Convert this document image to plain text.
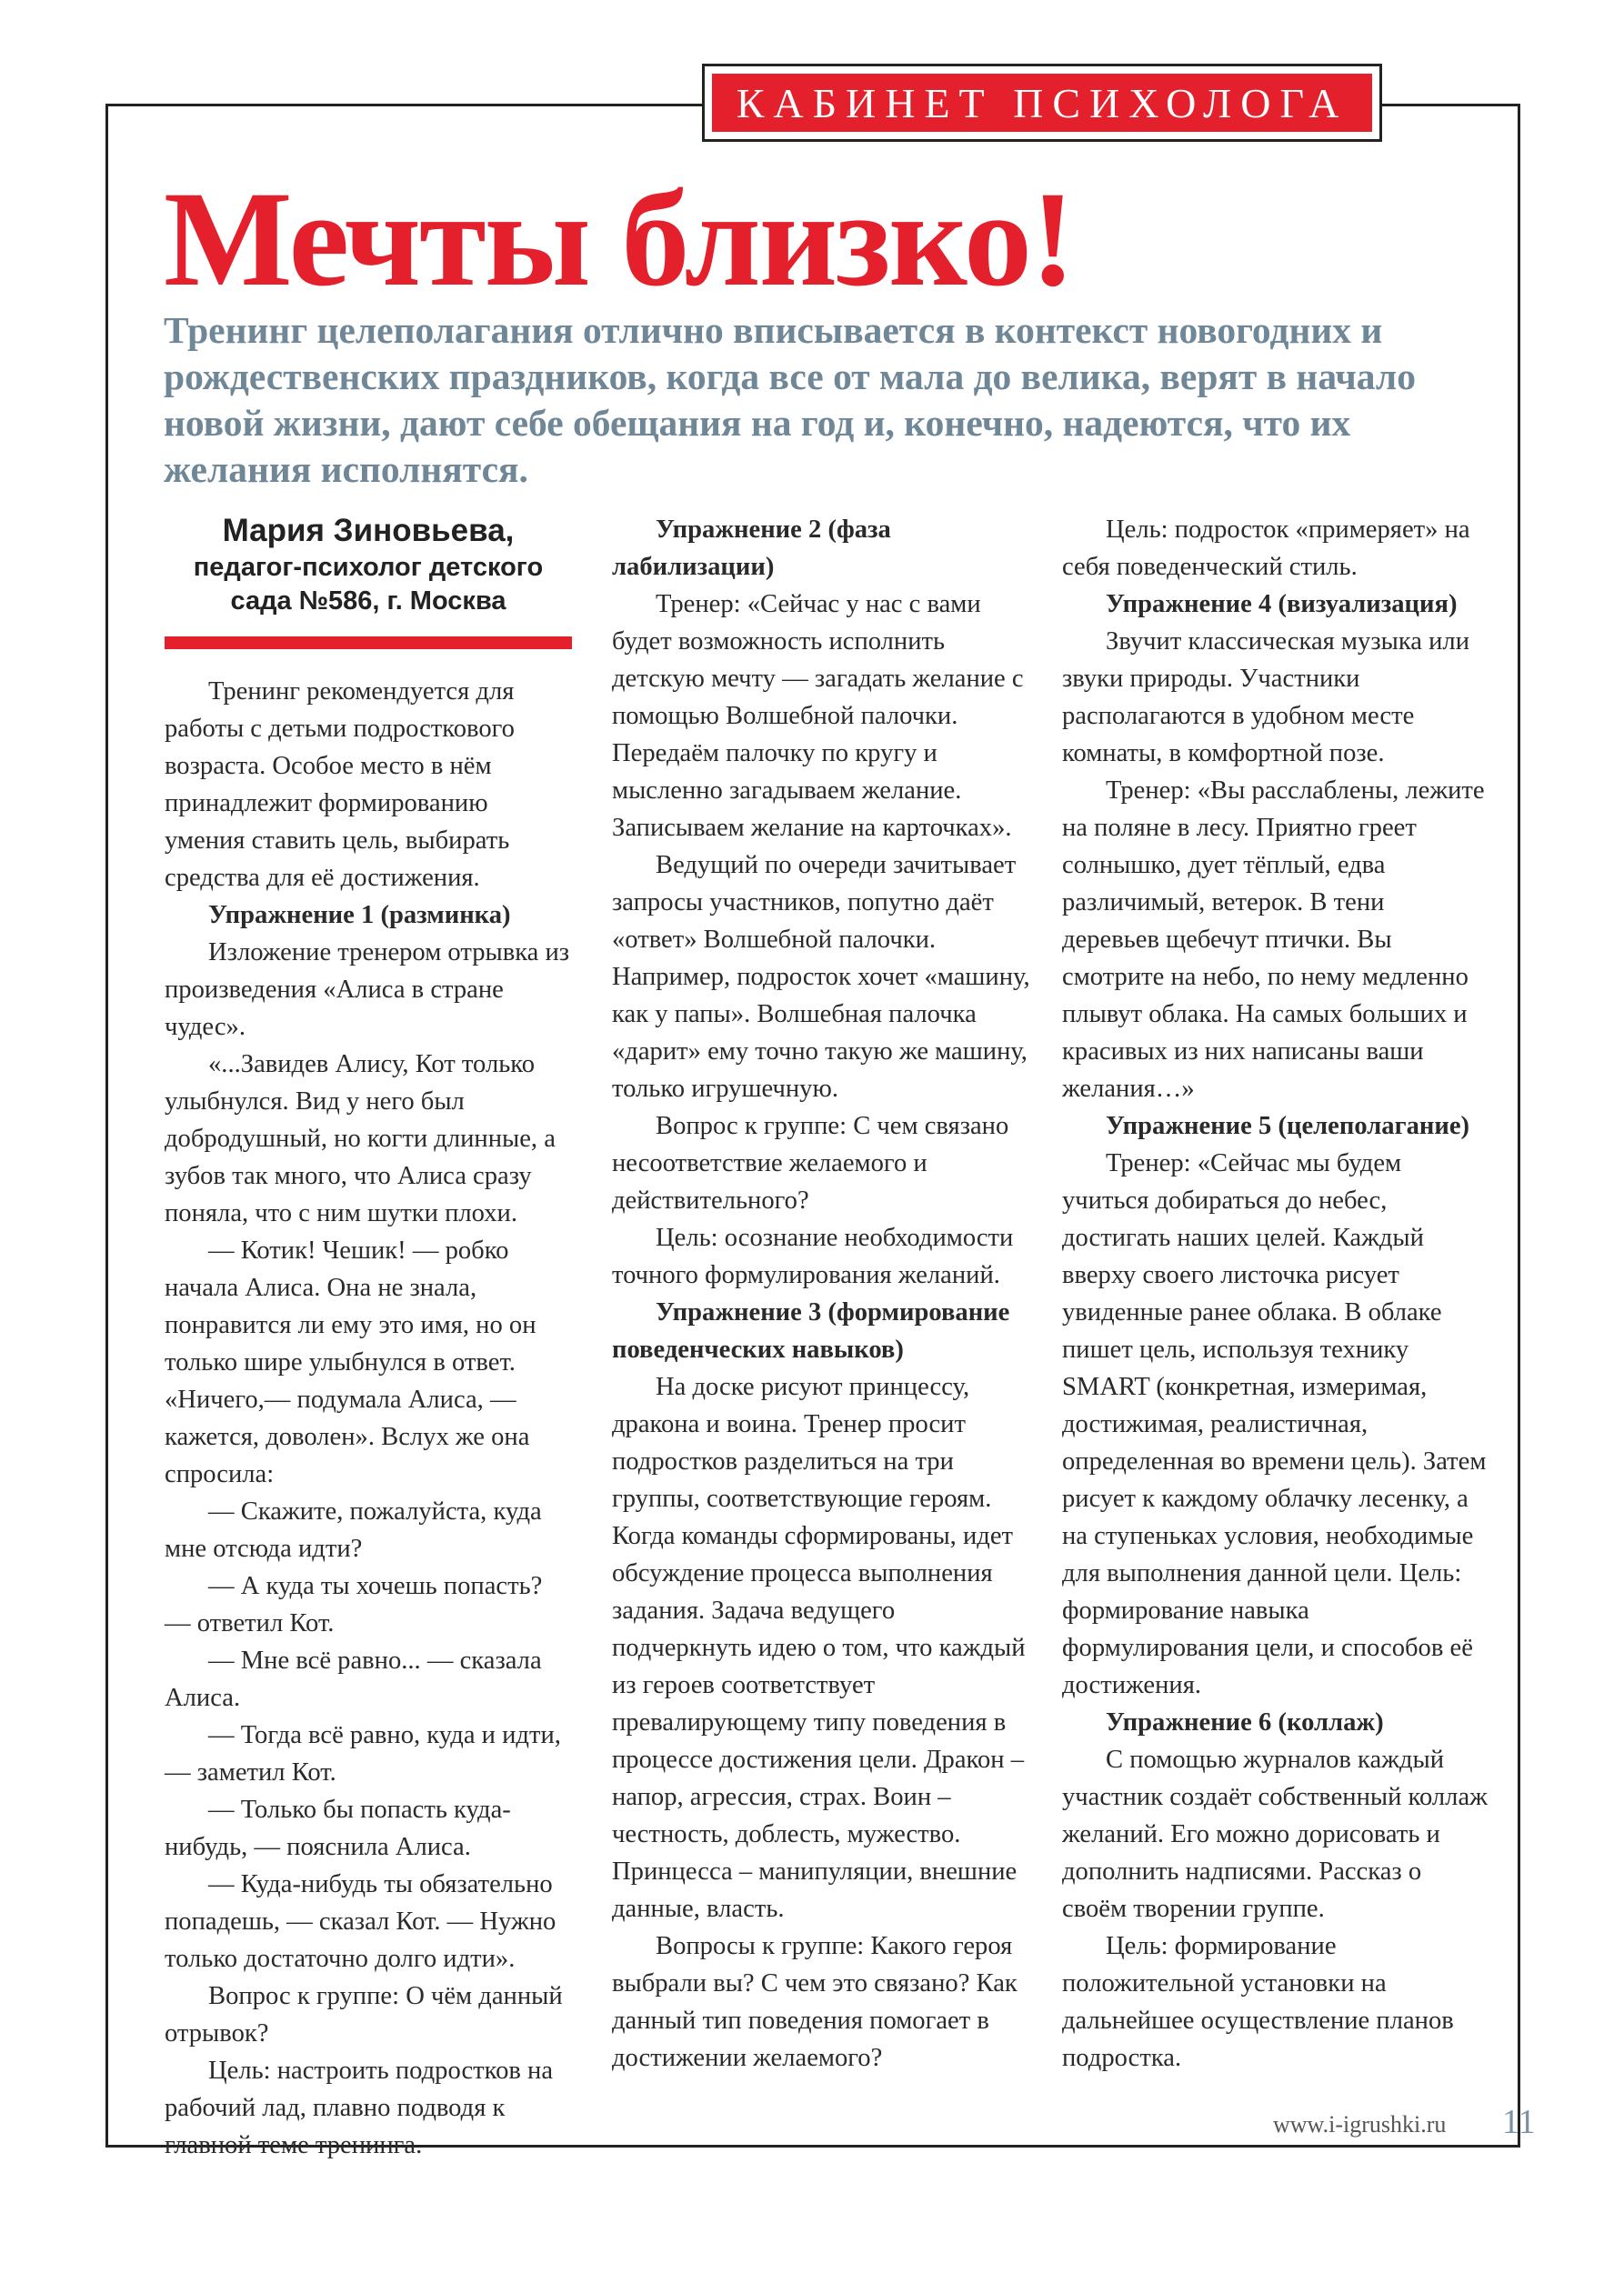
КАБИНЕТ ПСИХОЛОГА
Мечты близко!

Тренинг целеполагания отлично вписывается в контекст новогодних и рождественских праздников, когда все от мала до велика, верят в начало новой жизни, дают себе обещания на год и, конечно, надеются, что их желания исполнятся.

Мария Зиновьева,
педагог-психолог детского сада №586, г. Москва

Тренинг рекомендуется для работы с детьми подросткового возраста. Особое место в нём принадлежит формированию умения ставить цель, выбирать средства для её достижения.

Упражнение 1 (разминка)

Изложение тренером отрывка из произведения «Алиса в стране чудес».

«...Завидев Алису, Кот только улыбнулся. Вид у него был добродушный, но когти длинные, а зубов так много, что Алиса сразу поняла, что с ним шутки плохи.

— Котик! Чешик! — робко начала Алиса. Она не знала, понравится ли ему это имя, но он только шире улыбнулся в ответ. «Ничего,— подумала Алиса, — кажется, доволен». Вслух же она спросила:

— Скажите, пожалуйста, куда мне отсюда идти?

— А куда ты хочешь попасть? — ответил Кот.

— Мне всё равно... — сказала Алиса.

— Тогда всё равно, куда и идти, — заметил Кот.

— Только бы попасть куда-нибудь, — пояснила Алиса.

— Куда-нибудь ты обязательно попадешь, — сказал Кот. — Нужно только достаточно долго идти».

Вопрос к группе: О чём данный отрывок?

Цель: настроить подростков на рабочий лад, плавно подводя к главной теме тренинга.

Упражнение 2 (фаза лабилизации)

Тренер: «Сейчас у нас с вами будет возможность исполнить детскую мечту — загадать желание с помощью Волшебной палочки. Передаём палочку по кругу и мысленно загадываем желание. Записываем желание на карточках».

Ведущий по очереди зачитывает запросы участников, попутно даёт «ответ» Волшебной палочки. Например, подросток хочет «машину, как у папы». Волшебная палочка «дарит» ему точно такую же машину, только игрушечную.

Вопрос к группе: С чем связано несоответствие желаемого и действительного?

Цель: осознание необходимости точного формулирования желаний.

Упражнение 3 (формирование поведенческих навыков)

На доске рисуют принцессу, дракона и воина. Тренер просит подростков разделиться на три группы, соответствующие героям. Когда команды сформированы, идет обсуждение процесса выполнения задания. Задача ведущего подчеркнуть идею о том, что каждый из героев соответствует превалирующему типу поведения в процессе достижения цели. Дракон – напор, агрессия, страх. Воин – честность, доблесть, мужество. Принцесса – манипуляции, внешние данные, власть.

Вопросы к группе: Какого героя выбрали вы? С чем это связано? Как данный тип поведения помогает в достижении желаемого?

Цель: подросток «примеряет» на себя поведенческий стиль.

Упражнение 4 (визуализация)

Звучит классическая музыка или звуки природы. Участники располагаются в удобном месте комнаты, в комфортной позе.

Тренер: «Вы расслаблены, лежите на поляне в лесу. Приятно греет солнышко, дует тёплый, едва различимый, ветерок. В тени деревьев щебечут птички. Вы смотрите на небо, по нему медленно плывут облака. На самых больших и красивых из них написаны ваши желания…»

Упражнение 5 (целеполагание)

Тренер: «Сейчас мы будем учиться добираться до небес, достигать наших целей. Каждый вверху своего листочка рисует увиденные ранее облака. В облаке пишет цель, используя технику SMART (конкретная, измеримая, достижимая, реалистичная, определенная во времени цель). Затем рисует к каждому облачку лесенку, а на ступеньках условия, необходимые для выполнения данной цели. Цель: формирование навыка формулирования цели, и способов её достижения.

Упражнение 6 (коллаж)

С помощью журналов каждый участник создаёт собственный коллаж желаний. Его можно дорисовать и дополнить надписями. Рассказ о своём творении группе.

Цель: формирование положительной установки на дальнейшее осуществление планов подростка.

www.i-igrushki.ru 11
